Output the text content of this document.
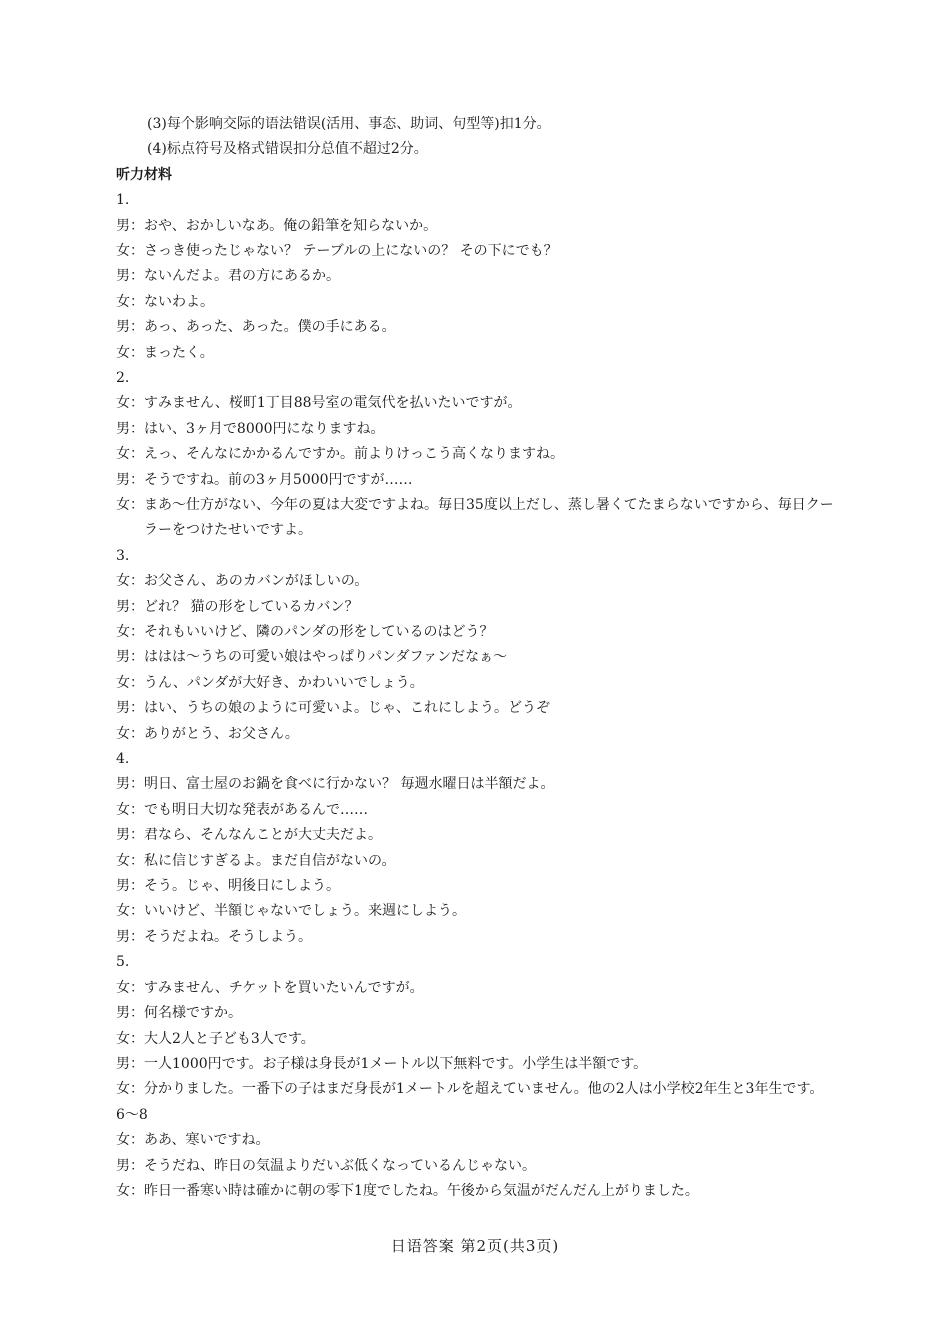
(3)每个影响交际的语法错误(活用、事态、助词、句型等)扣1分。
(4)标点符号及格式错误扣分总值不超过2分。
听力材料
1.
男： おや、おかしいなあ。俺の鉛筆を知らないか。
女： さっき使ったじゃない？ テーブルの上にないの？ その下にでも？
男： ないんだよ。君の方にあるか。
女： ないわよ。
男： あっ、あった、あった。僕の手にある。
女： まったく。
2.
女： すみません、桜町1丁目88号室の電気代を払いたいですが。
男： はい、3ヶ月で8000円になりますね。
女： えっ、そんなにかかるんですか。前よりけっこう高くなりますね。
男： そうですね。前の3ヶ月5000円ですが……
女： まあ〜仕方がない、今年の夏は大変ですよね。毎日35度以上だし、蒸し暑くてたまらないですから、毎日クーラーをつけたせいですよ。
3.
女： お父さん、あのカバンがほしいの。
男： どれ？ 猫の形をしているカバン？
女： それもいいけど、隣のパンダの形をしているのはどう？
男： ははは〜うちの可愛い娘はやっぱりパンダファンだなぁ〜
女： うん、パンダが大好き、かわいいでしょう。
男： はい、うちの娘のように可愛いよ。じゃ、これにしよう。どうぞ
女： ありがとう、お父さん。
4.
男： 明日、富士屋のお鍋を食べに行かない？ 毎週水曜日は半額だよ。
女： でも明日大切な発表があるんで……
男： 君なら、そんなんことが大丈夫だよ。
女： 私に信じすぎるよ。まだ自信がないの。
男： そう。じゃ、明後日にしよう。
女： いいけど、半額じゃないでしょう。来週にしよう。
男： そうだよね。そうしよう。
5.
女： すみません、チケットを買いたいんですが。
男： 何名様ですか。
女： 大人2人と子ども3人です。
男： 一人1000円です。お子様は身長が1メートル以下無料です。小学生は半額です。
女： 分かりました。一番下の子はまだ身長が1メートルを超えていません。他の2人は小学校2年生と3年生です。
6～8
女： ああ、寒いですね。
男： そうだね、昨日の気温よりだいぶ低くなっているんじゃない。
女： 昨日一番寒い時は確かに朝の零下1度でしたね。午後から気温がだんだん上がりました。
日语答案 第2页(共3页)
